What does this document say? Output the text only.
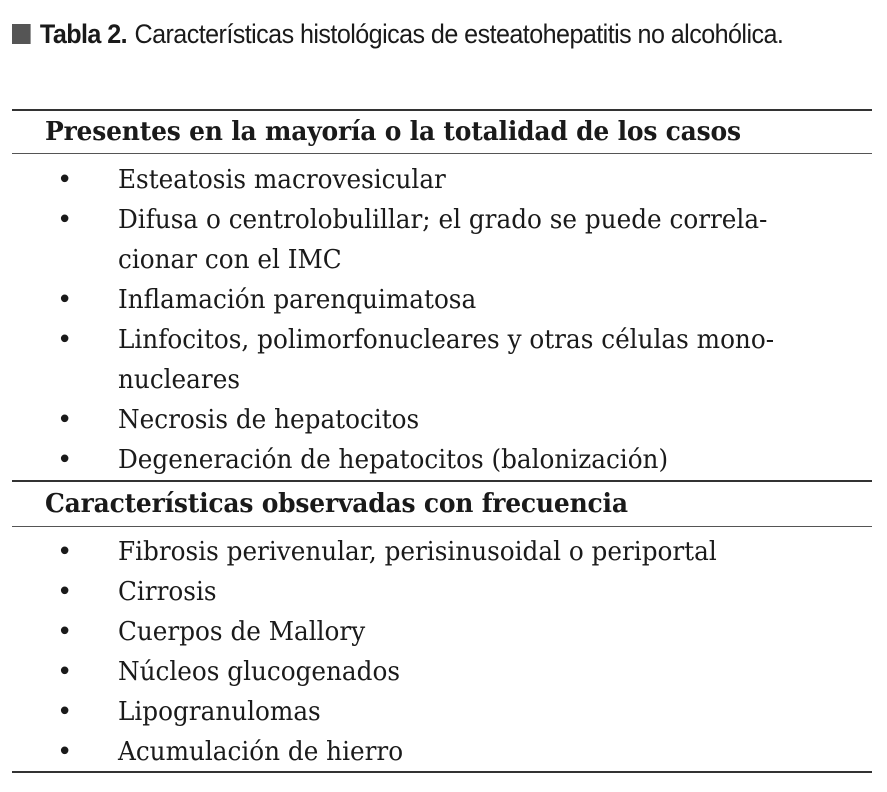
Tabla 2. Características histológicas de esteatohepatitis no alcohólica.
Presentes en la mayoría o la totalidad de los casos
• Esteatosis macrovesicular
• Difusa o centrolobulillar; el grado se puede correla-
cionar con el IMC
• Inflamación parenquimatosa
• Linfocitos, polimorfonucleares y otras células mono-
nucleares
• Necrosis de hepatocitos
• Degeneración de hepatocitos (balonización)
Características observadas con frecuencia
• Fibrosis perivenular, perisinusoidal o periportal
• Cirrosis
• Cuerpos de Mallory
• Núcleos glucogenados
• Lipogranulomas
• Acumulación de hierro
